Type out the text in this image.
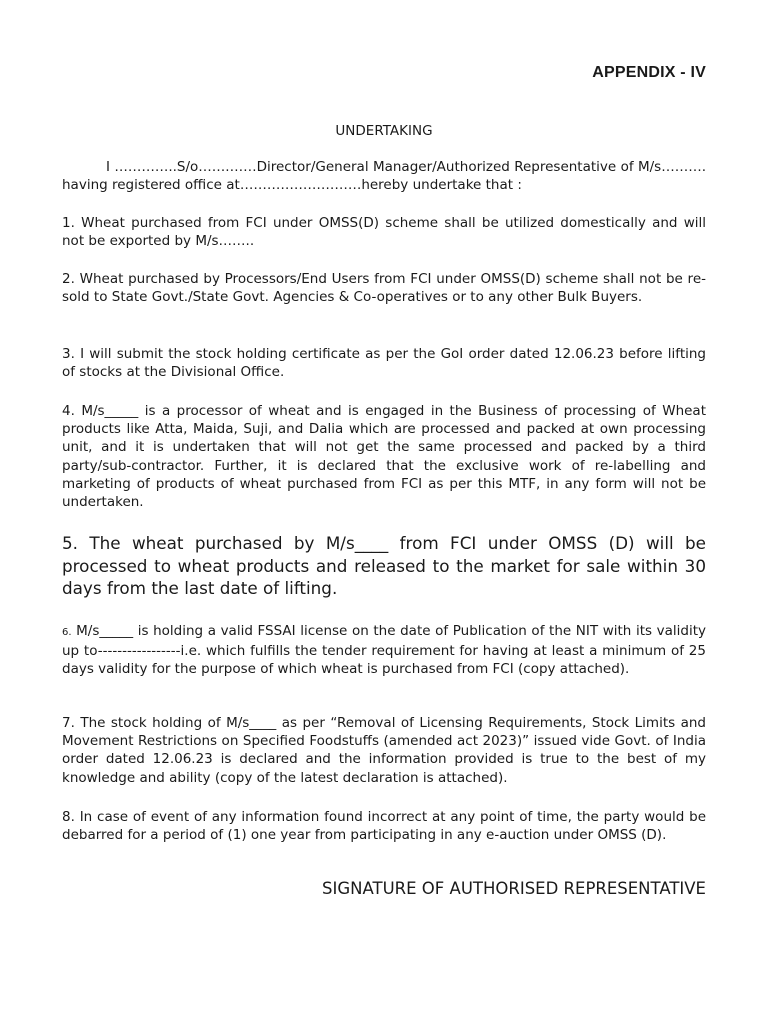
APPENDIX - IV
UNDERTAKING

I …………..S/o…….……Director/General Manager/Authorized Representative of M/s………. having registered office at………………………hereby undertake that :

1. Wheat purchased from FCI under OMSS(D) scheme shall be utilized domestically and will not be exported by M/s……..

2. Wheat purchased by Processors/End Users from FCI under OMSS(D) scheme shall not be re-sold to State Govt./State Govt. Agencies & Co-operatives or to any other Bulk Buyers.

3. I will submit the stock holding certificate as per the GoI order dated 12.06.23 before lifting of stocks at the Divisional Office.

4. M/s_____ is a processor of wheat and is engaged in the Business of processing of Wheat products like Atta, Maida, Suji, and Dalia which are processed and packed at own processing unit, and it is undertaken that will not get the same processed and packed by a third party/sub-contractor. Further, it is declared that the exclusive work of re-labelling and marketing of products of wheat purchased from FCI as per this MTF, in any form will not be undertaken.

5. The wheat purchased by M/s____ from FCI under OMSS (D) will be processed to wheat products and released to the market for sale within 30 days from the last date of lifting.

6. M/s_____ is holding a valid FSSAI license on the date of Publication of the NIT with its validity up to-----------------i.e. which fulfills the tender requirement for having at least a minimum of 25 days validity for the purpose of which wheat is purchased from FCI (copy attached).

7. The stock holding of M/s____ as per “Removal of Licensing Requirements, Stock Limits and Movement Restrictions on Specified Foodstuffs (amended act 2023)” issued vide Govt. of India order dated 12.06.23 is declared and the information provided is true to the best of my knowledge and ability (copy of the latest declaration is attached).

8. In case of event of any information found incorrect at any point of time, the party would be debarred for a period of (1) one year from participating in any e-auction under OMSS (D).

SIGNATURE OF AUTHORISED REPRESENTATIVE
